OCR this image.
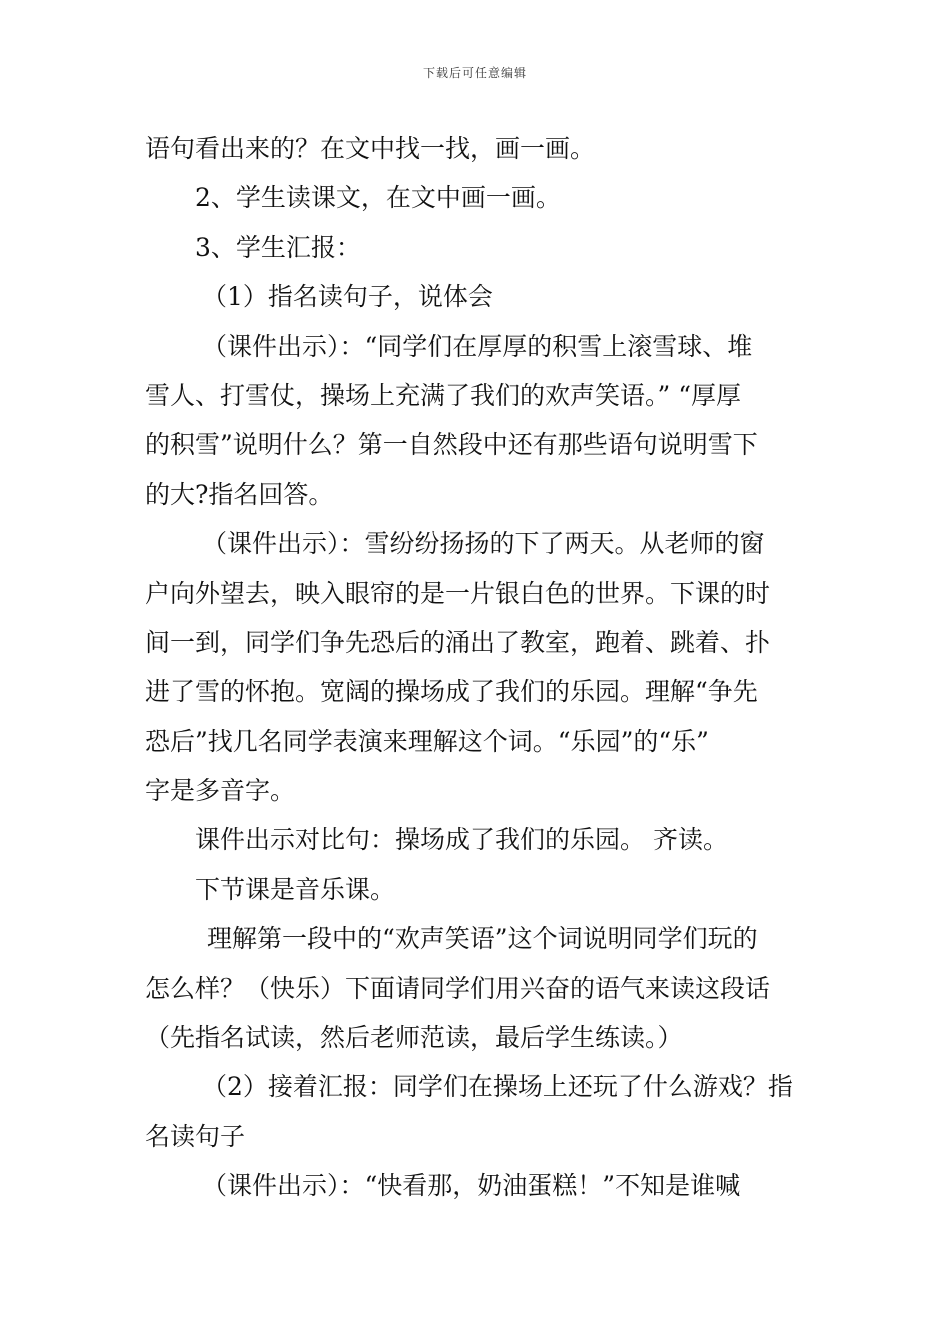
下载后可任意编辑
语句看出来的？在文中找一找，画一画。
2、学生读课文，在文中画一画。
3、学生汇报：
（1）指名读句子，说体会
（课件出示）：“同学们在厚厚的积雪上滚雪球、堆
雪人、打雪仗，操场上充满了我们的欢声笑语。” “厚厚
的积雪”说明什么？第一自然段中还有那些语句说明雪下
的大?指名回答。
（课件出示）：雪纷纷扬扬的下了两天。从老师的窗
户向外望去，映入眼帘的是一片银白色的世界。下课的时
间一到，同学们争先恐后的涌出了教室，跑着、跳着、扑
进了雪的怀抱。宽阔的操场成了我们的乐园。理解“争先
恐后”找几名同学表演来理解这个词。“乐园”的“乐”
字是多音字。
课件出示对比句：操场成了我们的乐园。 齐读。
下节课是音乐课。
理解第一段中的“欢声笑语”这个词说明同学们玩的
怎么样？（快乐）下面请同学们用兴奋的语气来读这段话
（先指名试读，然后老师范读，最后学生练读。）
（2）接着汇报：同学们在操场上还玩了什么游戏？指
名读句子
（课件出示）：“快看那，奶油蛋糕！”不知是谁喊
